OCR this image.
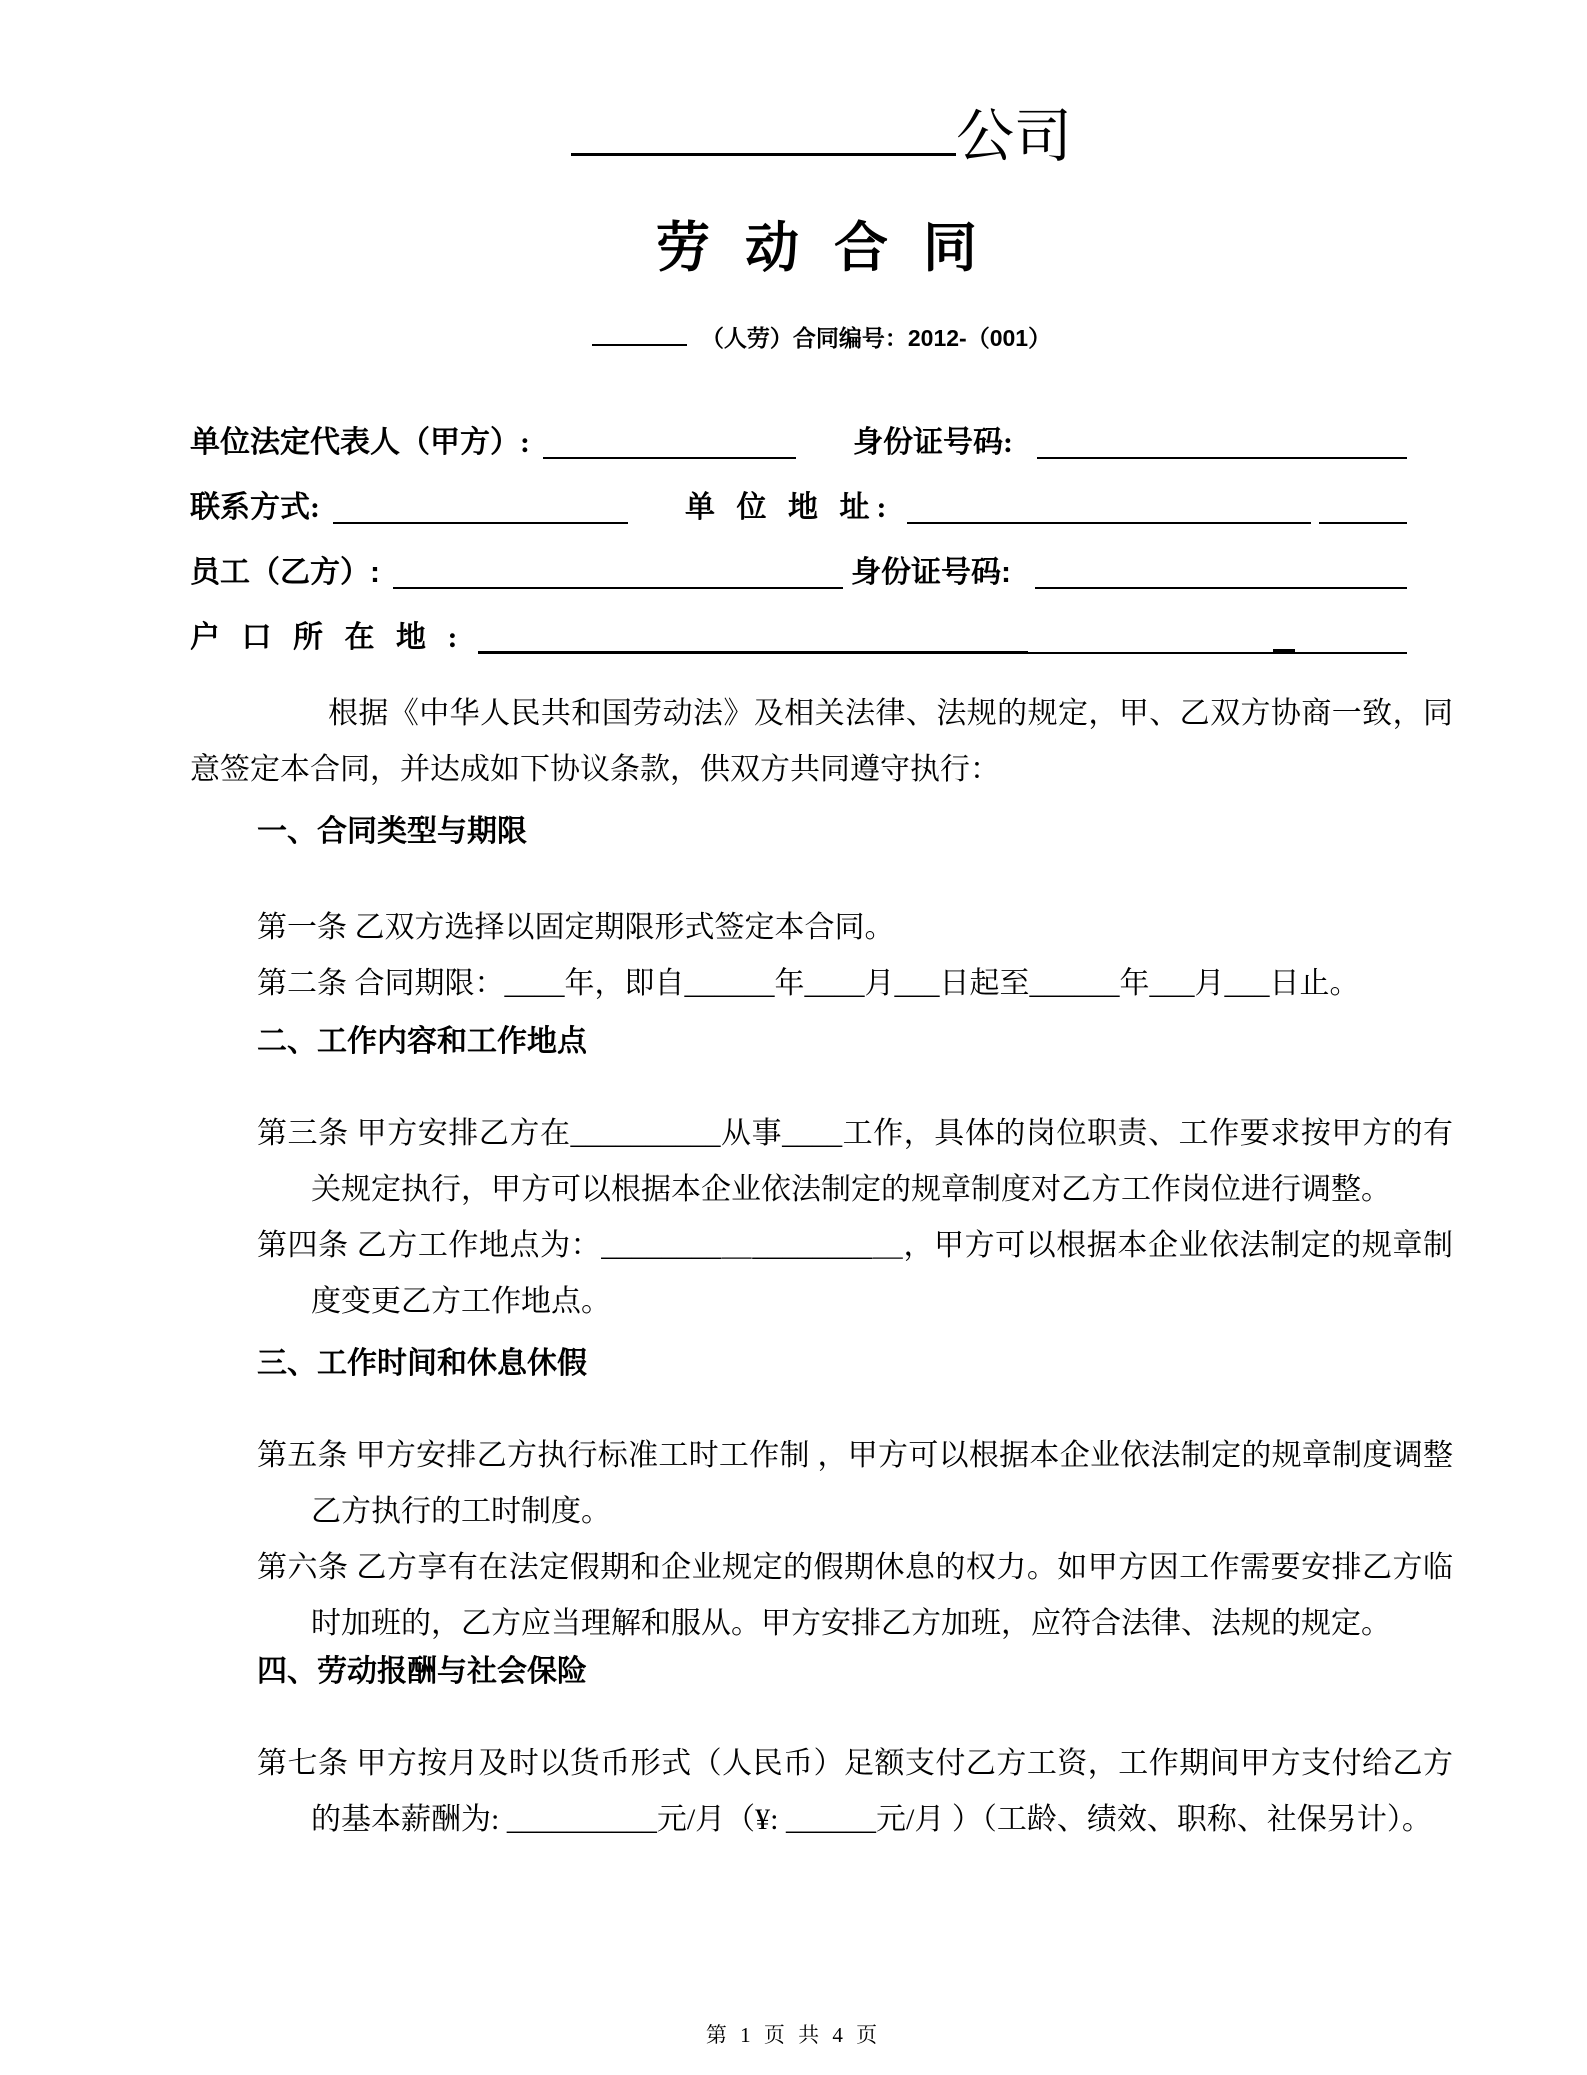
公司
劳 动 合 同
（人劳）合同编号：2012-（001）
单位法定代表人（甲方）:	身份证号码:
联系方式:	单 位 地 址:
员工（乙方）:	身份证号码:
户 口 所 在 地 :

根据《中华人民共和国劳动法》及相关法律、法规的规定，甲、乙双方协商一致，同意签定本合同，并达成如下协议条款，供双方共同遵守执行：

一、合同类型与期限

第一条 乙双方选择以固定期限形式签定本合同。

第二条 合同期限：____年，即自______年____月___日起至______年___月___日止。

二、工作内容和工作地点

第三条 甲方安排乙方在__________从事____工作，具体的岗位职责、工作要求按甲方的有关规定执行，甲方可以根据本企业依法制定的规章制度对乙方工作岗位进行调整。

第四条 乙方工作地点为：________＿________＿，甲方可以根据本企业依法制定的规章制度变更乙方工作地点。

三、工作时间和休息休假

第五条 甲方安排乙方执行标准工时工作制 ，甲方可以根据本企业依法制定的规章制度调整乙方执行的工时制度。

第六条 乙方享有在法定假期和企业规定的假期休息的权力。如甲方因工作需要安排乙方临时加班的，乙方应当理解和服从。甲方安排乙方加班，应符合法律、法规的规定。

四、劳动报酬与社会保险

第七条 甲方按月及时以货币形式（人民币）足额支付乙方工资，工作期间甲方支付给乙方的基本薪酬为: __________元/月（¥: ______元/月 ）（工龄、绩效、职称、社保另计）。

第 1 页 共 4 页
